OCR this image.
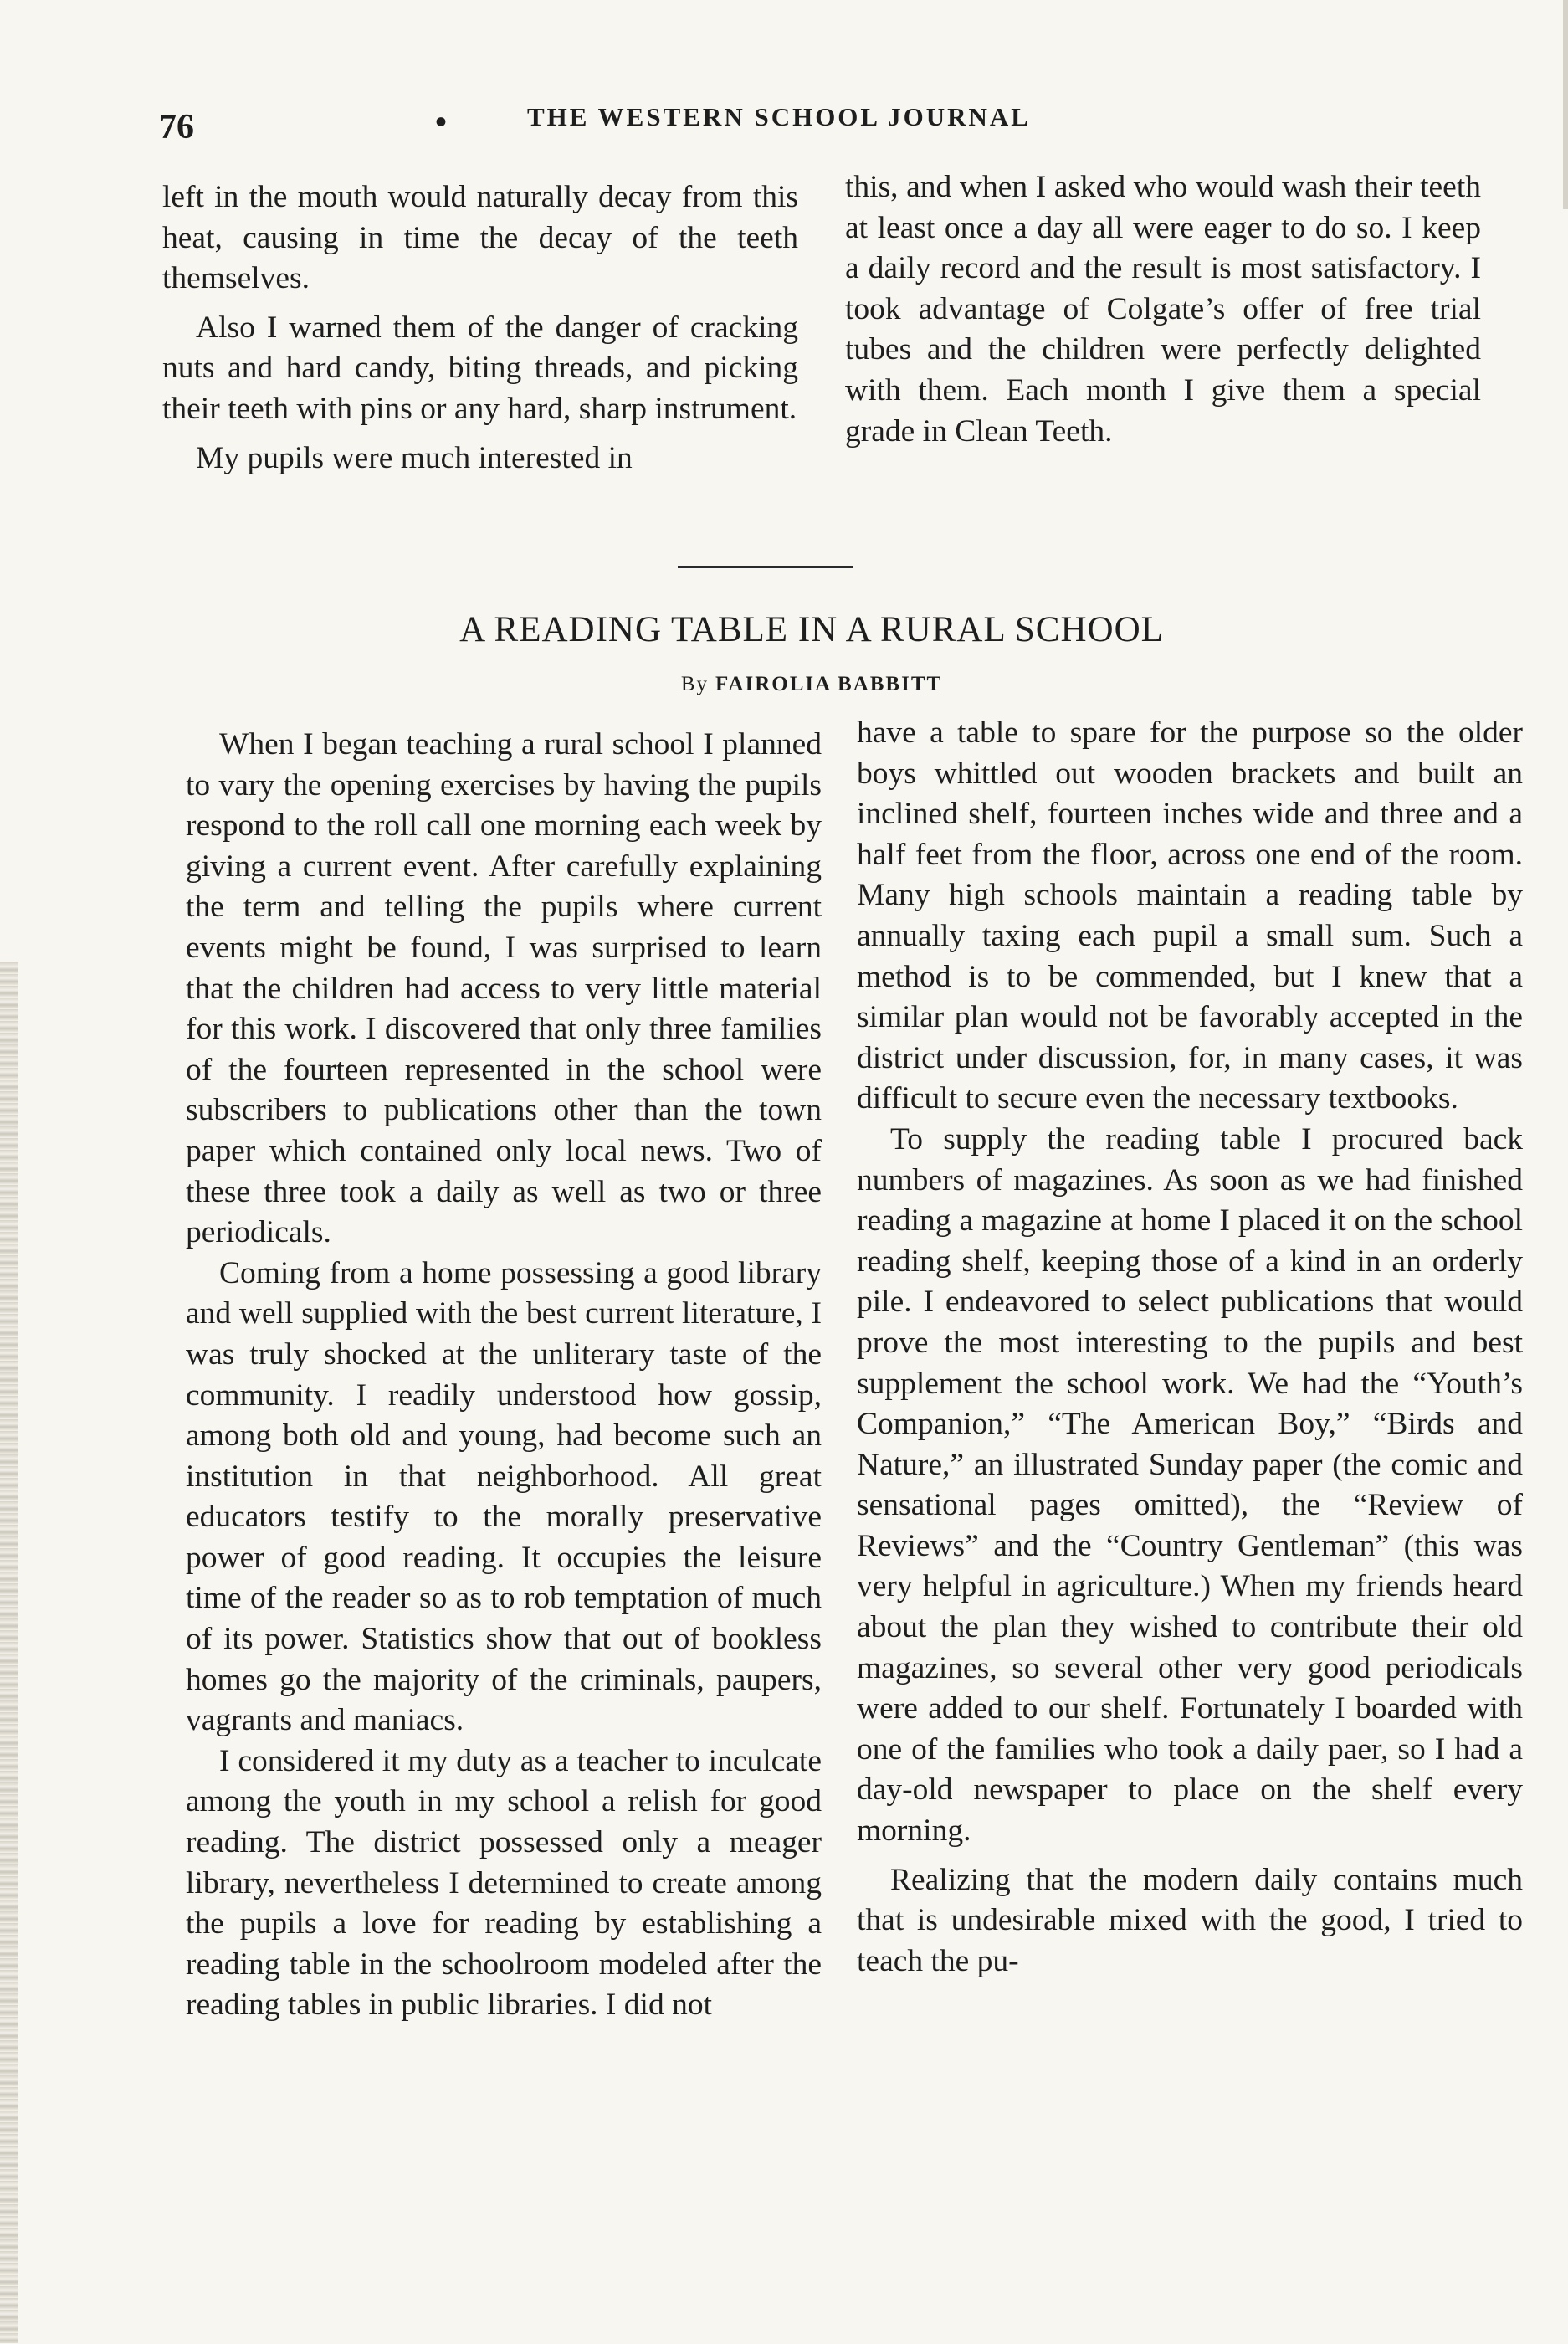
76	•	THE WESTERN SCHOOL JOURNAL

left in the mouth would naturally decay from this heat, causing in time the decay of the teeth themselves.

Also I warned them of the danger of cracking nuts and hard candy, biting threads, and picking their teeth with pins or any hard, sharp instrument.

My pupils were much interested in

this, and when I asked who would wash their teeth at least once a day all were eager to do so. I keep a daily record and the result is most satisfactory. I took advantage of Colgate’s offer of free trial tubes and the children were perfectly delighted with them. Each month I give them a special grade in Clean Teeth.

A READING TABLE IN A RURAL SCHOOL
By FAIROLIA BABBITT

When I began teaching a rural school I planned to vary the opening exercises by having the pupils respond to the roll call one morning each week by giving a current event. After carefully explaining the term and telling the pupils where current events might be found, I was surprised to learn that the children had access to very little material for this work. I discovered that only three families of the fourteen represented in the school were subscribers to publications other than the town paper which contained only local news. Two of these three took a daily as well as two or three periodicals.

Coming from a home possessing a good library and well supplied with the best current literature, I was truly shocked at the unliterary taste of the community. I readily understood how gossip, among both old and young, had become such an institution in that neighborhood. All great educators testify to the morally preservative power of good reading. It occupies the leisure time of the reader so as to rob temptation of much of its power. Statistics show that out of bookless homes go the majority of the criminals, paupers, vagrants and maniacs.

I considered it my duty as a teacher to inculcate among the youth in my school a relish for good reading. The district possessed only a meager library, nevertheless I determined to create among the pupils a love for reading by establishing a reading table in the schoolroom modeled after the reading tables in public libraries. I did not

have a table to spare for the purpose so the older boys whittled out wooden brackets and built an inclined shelf, fourteen inches wide and three and a half feet from the floor, across one end of the room. Many high schools maintain a reading table by annually taxing each pupil a small sum. Such a method is to be commended, but I knew that a similar plan would not be favorably accepted in the district under discussion, for, in many cases, it was difficult to secure even the necessary textbooks.

To supply the reading table I procured back numbers of magazines. As soon as we had finished reading a magazine at home I placed it on the school reading shelf, keeping those of a kind in an orderly pile. I endeavored to select publications that would prove the most interesting to the pupils and best supplement the school work. We had the “Youth’s Companion,” “The American Boy,” “Birds and Nature,” an illustrated Sunday paper (the comic and sensational pages omitted), the “Review of Reviews” and the “Country Gentleman” (this was very helpful in agriculture.) When my friends heard about the plan they wished to contribute their old magazines, so several other very good periodicals were added to our shelf. Fortunately I boarded with one of the families who took a daily paer, so I had a day-old newspaper to place on the shelf every morning.

Realizing that the modern daily contains much that is undesirable mixed with the good, I tried to teach the pu-
